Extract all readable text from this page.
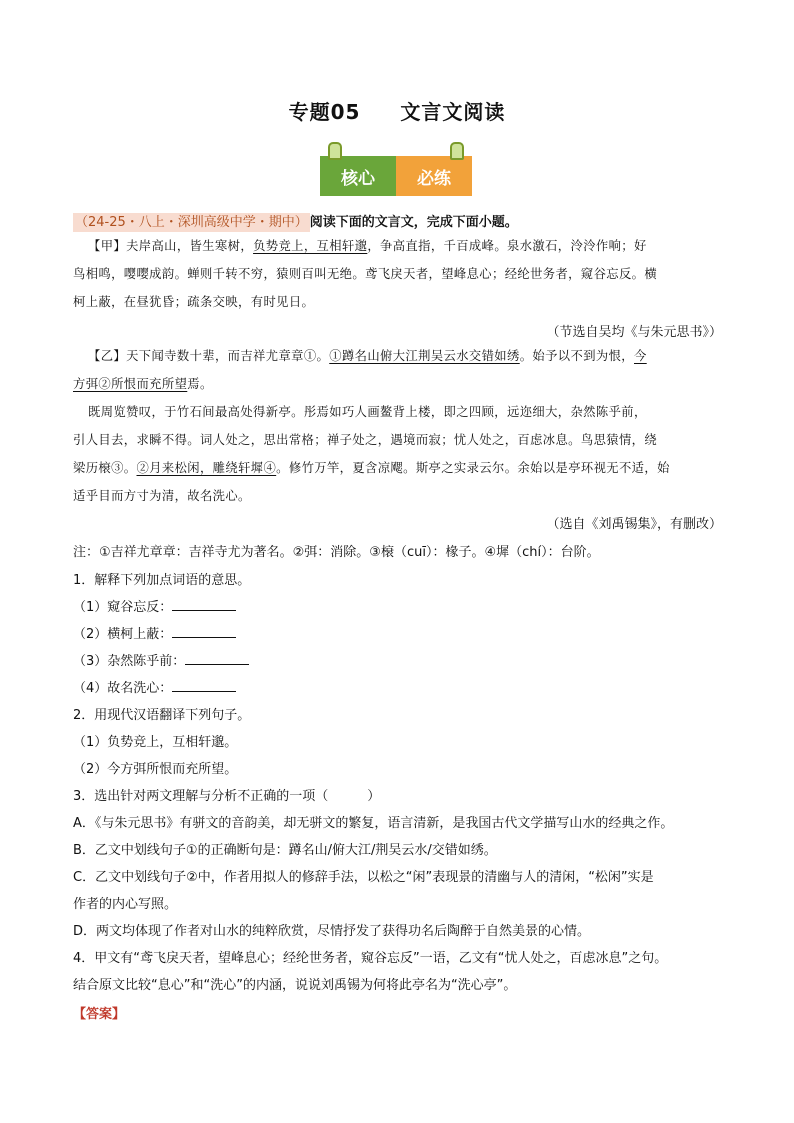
专题05 文言文阅读
核心	必练
（24-25・八上・深圳高级中学・期中） 阅读下面的文言文，完成下面小题。
【甲】夫岸高山，皆生寒树，负势竞上，互相轩邈，争高直指，千百成峰。泉水激石，泠泠作响；好
鸟相鸣，嘤嘤成韵。蝉则千转不穷，猿则百叫无绝。鸢飞戾天者，望峰息心；经纶世务者，窥谷忘反。横
柯上蔽，在昼犹昏；疏条交映，有时见日。
（节选自吴均《与朱元思书》）
【乙】天下闻寺数十辈，而吉祥尤章章①。①蹲名山俯大江荆吴云水交错如绣。始予以不到为恨，今
方弭②所恨而充所望焉。
既周览赞叹，于竹石间最高处得新亭。彤焉如巧人画鳌背上楼，即之四顾，远迩细大，杂然陈乎前，
引人目去，求瞬不得。词人处之，思出常格；禅子处之，遇境而寂；忧人处之，百虑冰息。鸟思猿情，绕
梁历榱③。②月来松闲，雕绕轩墀④。修竹万竿，夏含凉飔。斯亭之实录云尔。余始以是亭环视无不适，始
适乎目而方寸为清，故名洗心。
（选自《刘禹锡集》，有删改）
注：①吉祥尤章章：吉祥寺尤为著名。②弭：消除。③榱（cuī）：椽子。④墀（chí）：台阶。
1．解释下列加点词语的意思。
（1）窥谷忘反：
（2）横柯上蔽：
（3）杂然陈乎前：
（4）故名洗心：
2．用现代汉语翻译下列句子。
（1）负势竞上，互相轩邈。
（2）今方弭所恨而充所望。
3．选出针对两文理解与分析不正确的一项（　　　）
A．《与朱元思书》有骈文的音韵美，却无骈文的繁复，语言清新，是我国古代文学描写山水的经典之作。
B．乙文中划线句子①的正确断句是：蹲名山/俯大江/荆吴云水/交错如绣。
C．乙文中划线句子②中，作者用拟人的修辞手法，以松之“闲”表现景的清幽与人的清闲，“松闲”实是
作者的内心写照。
D．两文均体现了作者对山水的纯粹欣赏，尽情抒发了获得功名后陶醉于自然美景的心情。
4．甲文有“鸢飞戾天者，望峰息心；经纶世务者，窥谷忘反”一语，乙文有“忧人处之，百虑冰息”之句。
结合原文比较“息心”和“洗心”的内涵，说说刘禹锡为何将此亭名为“洗心亭”。
【答案】
